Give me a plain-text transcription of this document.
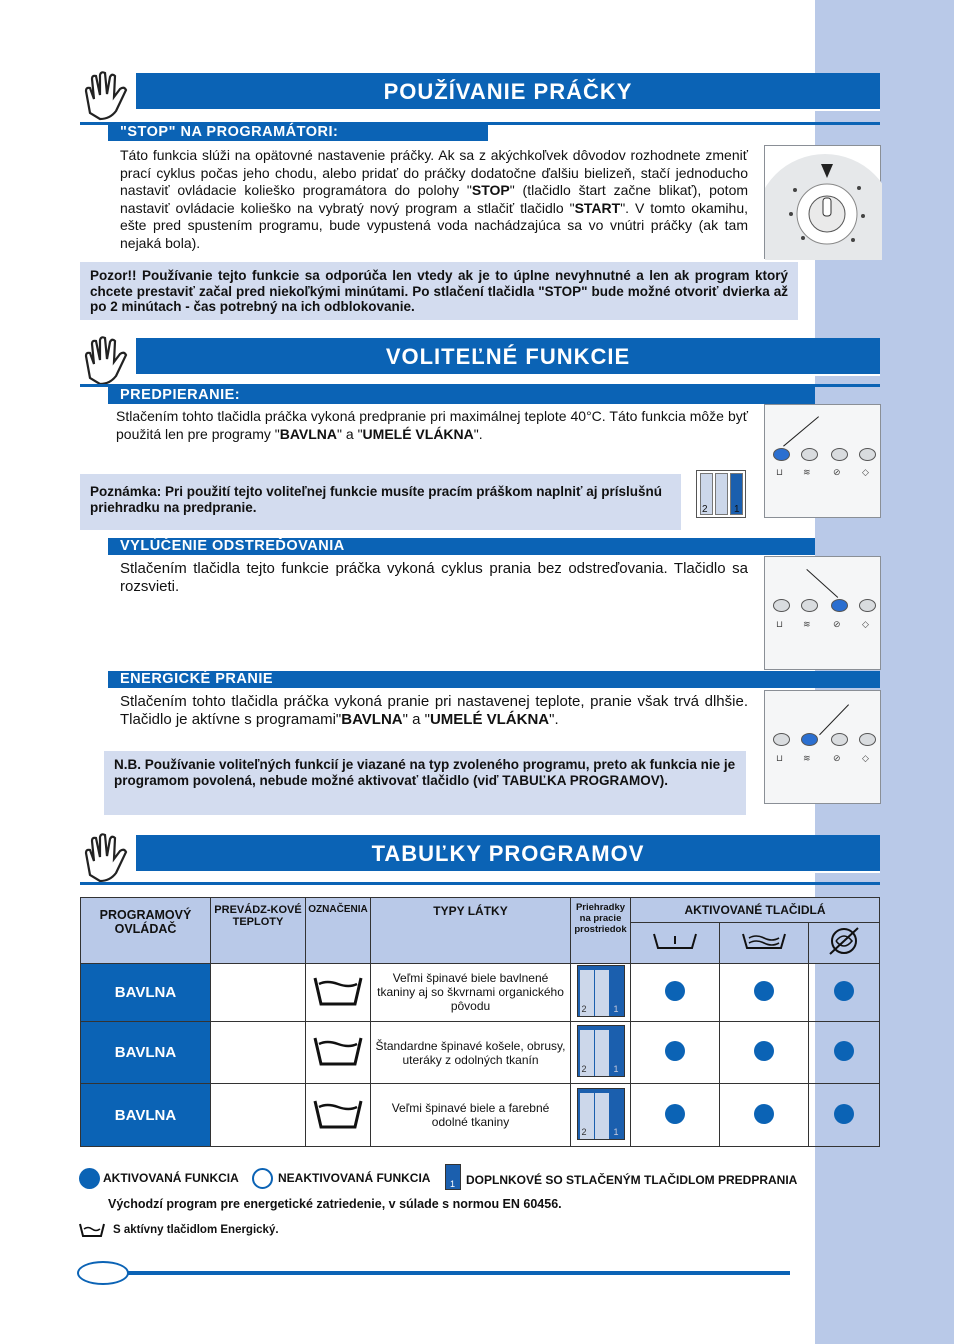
POUŽÍVANIE PRÁČKY
"STOP" NA PROGRAMÁTORI:
Táto funkcia slúži na opätovné nastavenie práčky. Ak sa z akýchkoľvek dôvodov rozhodnete zmeniť prací cyklus počas jeho chodu, alebo pridať do práčky dodatočne ďalšiu bielizeň, stačí jednoducho nastaviť ovládacie kolieško programátora do polohy "STOP" (tlačidlo štart začne blikať), potom nastaviť ovládacie kolieško na vybratý nový program a stlačiť tlačidlo "START". V tomto okamihu, ešte pred spustením programu, bude vypustená voda nachádzajúca sa vo vnútri práčky (ak tam nejaká bola).
Pozor!! Používanie tejto funkcie sa odporúča len vtedy ak je to úplne nevyhnutné a len ak program ktorý chcete prestaviť začal pred niekoľkými minútami. Po stlačení tlačidla "STOP" bude možné otvoriť dvierka až po 2 minútach - čas potrebný na ich odblokovanie.
VOLITEĽNÉ FUNKCIE
PREDPIERANIE:
Stlačením tohto tlačidla práčka vykoná predpranie pri maximálnej teplote 40°C. Táto funkcia môže byť použitá len pre programy "BAVLNA" a "UMELÉ VLÁKNA".
Poznámka: Pri použití tejto voliteľnej funkcie musíte pracím práškom naplniť aj príslušnú priehradku na predpranie.	2	1
⊔ ≋ ⊘ ◇
VYLÚČENIE ODSTREĎOVANIA
Stlačením tlačidla tejto funkcie práčka vykoná cyklus prania bez odstreďovania. Tlačidlo sa rozsvieti.
⊔ ≋ ⊘ ◇
ENERGICKÉ PRANIE
Stlačením tohto tlačidla práčka vykoná pranie pri nastavenej teplote, pranie však trvá dlhšie. Tlačidlo je aktívne s programami"BAVLNA" a "UMELÉ VLÁKNA".
⊔ ≋ ⊘ ◇
N.B. Používanie voliteľných funkcií je viazané na typ zvoleného programu, preto ak funkcia nie je programom povolená, nebude možné aktivovať tlačidlo (viď TABUĽKA PROGRAMOV).
TABUĽKY PROGRAMOV
PROGRAMOVÝ OVLÁDAČ	PREVÁDZ-KOVÉ TEPLOTY	OZNAČENIA	TYPY LÁTKY	Priehradky na pracie prostriedok	AKTIVOVANÉ TLAČIDLÁ		

BAVLNA			Veľmi špinavé biele bavlnené tkaniny aj so škvrnami organického pôvodu	2 1			

BAVLNA			Štandardne špinavé košele, obrusy, uteráky z odolných tkanín	2 1			

BAVLNA			Veľmi špinavé biele a farebné odolné tkaniny	2 1			

AKTIVOVANÁ FUNKCIA	NEAKTIVOVANÁ FUNKCIA 1 DOPLNKOVÉ SO STLAČENÝM TLAČIDLOM PREDPRANIA
Východzí program pre energetické zatriedenie, v súlade s normou EN 60456.
S aktívny tlačidlom Energický.
